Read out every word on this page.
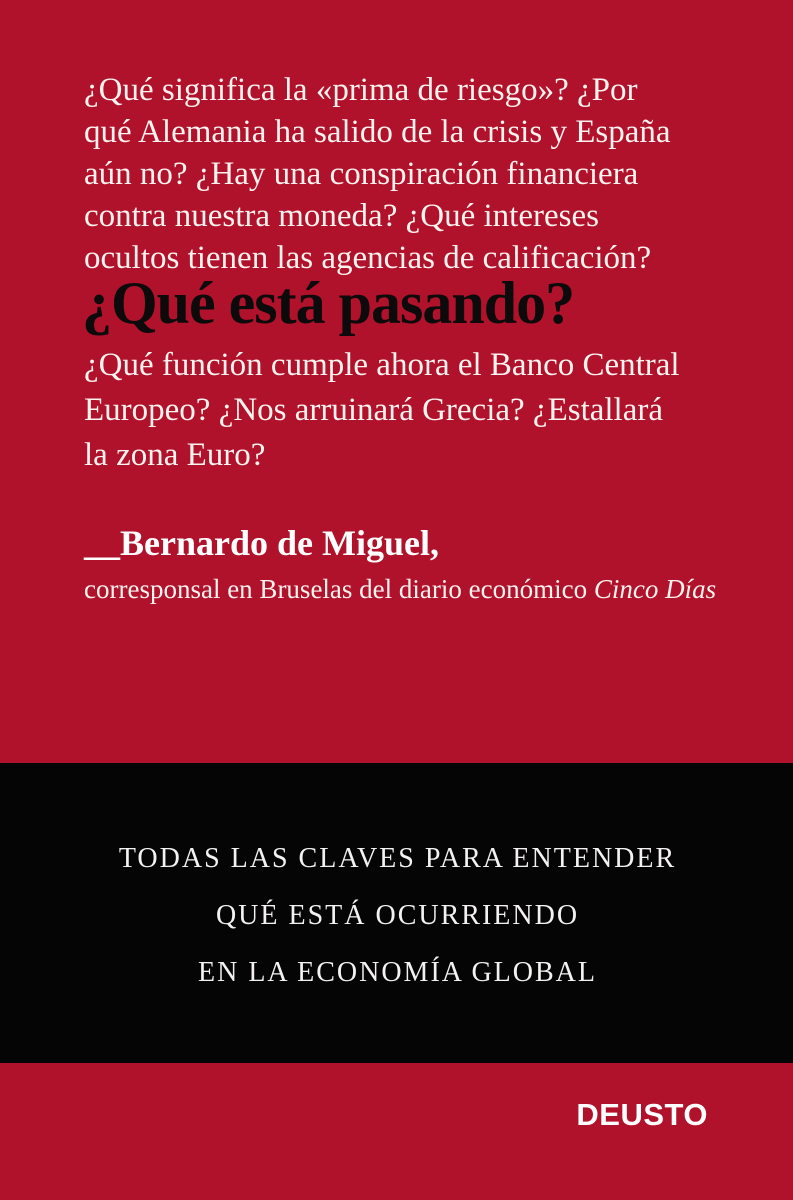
¿Qué significa la «prima de riesgo»? ¿Por
qué Alemania ha salido de la crisis y España
aún no? ¿Hay una conspiración financiera
contra nuestra moneda? ¿Qué intereses
ocultos tienen las agencias de calificación?
¿Qué está pasando?
¿Qué función cumple ahora el Banco Central
Europeo? ¿Nos arruinará Grecia? ¿Estallará
la zona Euro?
__Bernardo de Miguel,
corresponsal en Bruselas del diario económico Cinco Días
TODAS LAS CLAVES PARA ENTENDER
QUÉ ESTÁ OCURRIENDO
EN LA ECONOMÍA GLOBAL
DEUSTO
